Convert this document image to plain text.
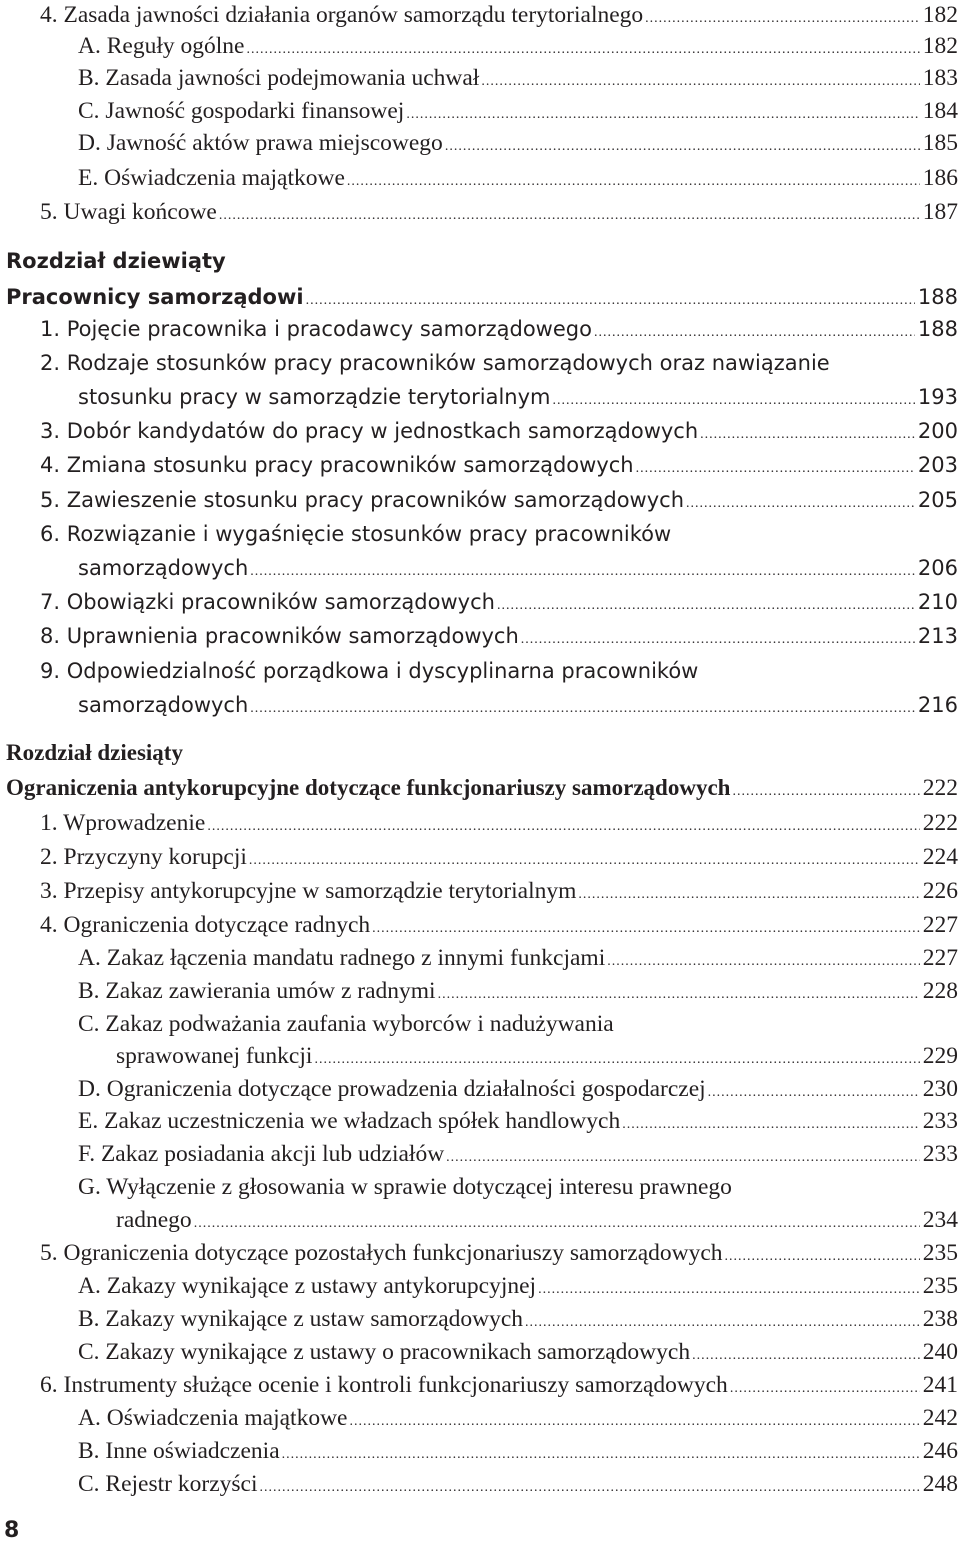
4. Zasada jawności działania organów samorządu terytorialnego .....	182
A. Reguły ogólne .....	182
B. Zasada jawności podejmowania uchwał .....	183
C. Jawność gospodarki finansowej .....	184
D. Jawność aktów prawa miejscowego .....	185
E. Oświadczenia majątkowe .....	186
5. Uwagi końcowe .....	187
Rozdział dziewiąty
Pracownicy samorządowi .....	188
1. Pojęcie pracownika i pracodawcy samorządowego .....	188
2. Rodzaje stosunków pracy pracowników samorządowych oraz nawiązanie
stosunku pracy w samorządzie terytorialnym .....	193
3. Dobór kandydatów do pracy w jednostkach samorządowych .....	200
4. Zmiana stosunku pracy pracowników samorządowych .....	203
5. Zawieszenie stosunku pracy pracowników samorządowych .....	205
6. Rozwiązanie i wygaśnięcie stosunków pracy pracowników
samorządowych .....	206
7. Obowiązki pracowników samorządowych .....	210
8. Uprawnienia pracowników samorządowych .....	213
9. Odpowiedzialność porządkowa i dyscyplinarna pracowników
samorządowych .....	216
Rozdział dziesiąty
Ograniczenia antykorupcyjne dotyczące funkcjonariuszy samorządowych .....	222
1. Wprowadzenie .....	222
2. Przyczyny korupcji .....	224
3. Przepisy antykorupcyjne w samorządzie terytorialnym .....	226
4. Ograniczenia dotyczące radnych .....	227
A. Zakaz łączenia mandatu radnego z innymi funkcjami .....	227
B. Zakaz zawierania umów z radnymi .....	228
C. Zakaz podważania zaufania wyborców i nadużywania
sprawowanej funkcji .....	229
D. Ograniczenia dotyczące prowadzenia działalności gospodarczej .....	230
E. Zakaz uczestniczenia we władzach spółek handlowych .....	233
F. Zakaz posiadania akcji lub udziałów .....	233
G. Wyłączenie z głosowania w sprawie dotyczącej interesu prawnego
radnego .....	234
5. Ograniczenia dotyczące pozostałych funkcjonariuszy samorządowych .....	235
A. Zakazy wynikające z ustawy antykorupcyjnej .....	235
B. Zakazy wynikające z ustaw samorządowych .....	238
C. Zakazy wynikające z ustawy o pracownikach samorządowych .....	240
6. Instrumenty służące ocenie i kontroli funkcjonariuszy samorządowych .....	241
A. Oświadczenia majątkowe .....	242
B. Inne oświadczenia .....	246
C. Rejestr korzyści .....	248
8
